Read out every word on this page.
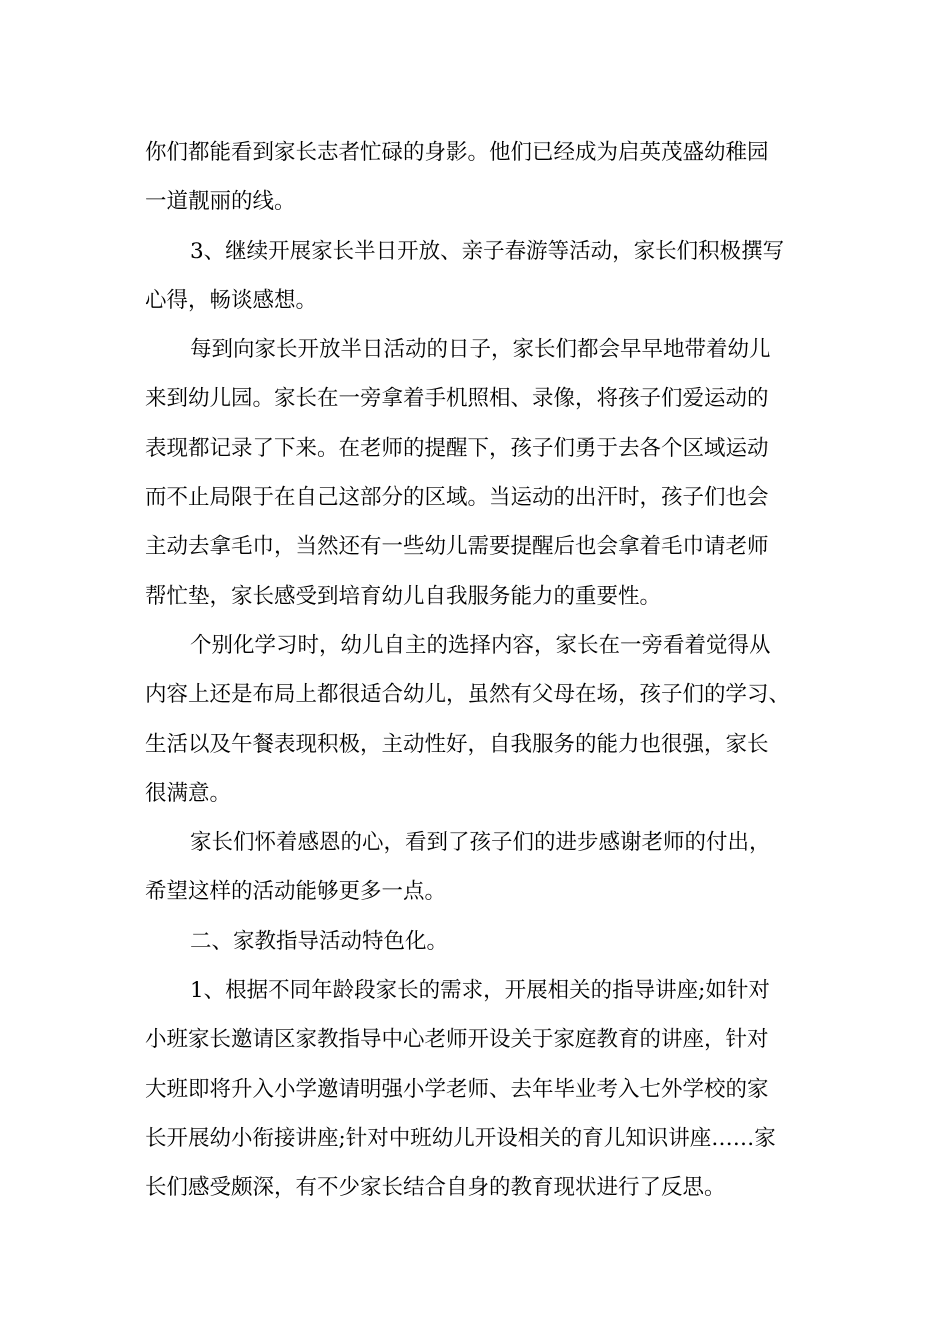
你们都能看到家长志者忙碌的身影。他们已经成为启英茂盛幼稚园
一道靓丽的线。

3、继续开展家长半日开放、亲子春游等活动，家长们积极撰写
心得，畅谈感想。

每到向家长开放半日活动的日子，家长们都会早早地带着幼儿
来到幼儿园。家长在一旁拿着手机照相、录像，将孩子们爱运动的
表现都记录了下来。在老师的提醒下，孩子们勇于去各个区域运动
而不止局限于在自己这部分的区域。当运动的出汗时，孩子们也会
主动去拿毛巾，当然还有一些幼儿需要提醒后也会拿着毛巾请老师
帮忙垫，家长感受到培育幼儿自我服务能力的重要性。

个别化学习时，幼儿自主的选择内容，家长在一旁看着觉得从
内容上还是布局上都很适合幼儿，虽然有父母在场，孩子们的学习、
生活以及午餐表现积极，主动性好，自我服务的能力也很强，家长
很满意。

家长们怀着感恩的心，看到了孩子们的进步感谢老师的付出，
希望这样的活动能够更多一点。

二、家教指导活动特色化。

1、根据不同年龄段家长的需求，开展相关的指导讲座;如针对
小班家长邀请区家教指导中心老师开设关于家庭教育的讲座，针对
大班即将升入小学邀请明强小学老师、去年毕业考入七外学校的家
长开展幼小衔接讲座;针对中班幼儿开设相关的育儿知识讲座……家
长们感受颇深，有不少家长结合自身的教育现状进行了反思。
